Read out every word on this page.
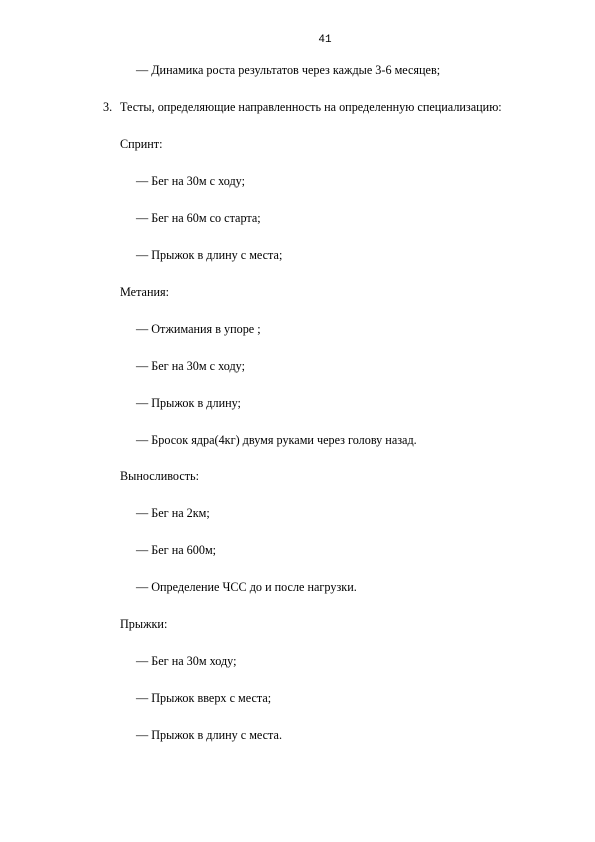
41
— Динамика роста результатов через каждые 3-6 месяцев;
3. Тесты, определяющие направленность на определенную специализацию:
Спринт:
— Бег на 30м с ходу;
— Бег на 60м со старта;
— Прыжок в длину с места;
Метания:
— Отжимания в упоре ;
— Бег на 30м с ходу;
— Прыжок в длину;
— Бросок ядра(4кг) двумя руками через голову назад.
Выносливость:
— Бег на 2км;
— Бег на 600м;
— Определение ЧСС до и после нагрузки.
Прыжки:
— Бег на 30м ходу;
— Прыжок вверх с места;
— Прыжок в длину с места.
